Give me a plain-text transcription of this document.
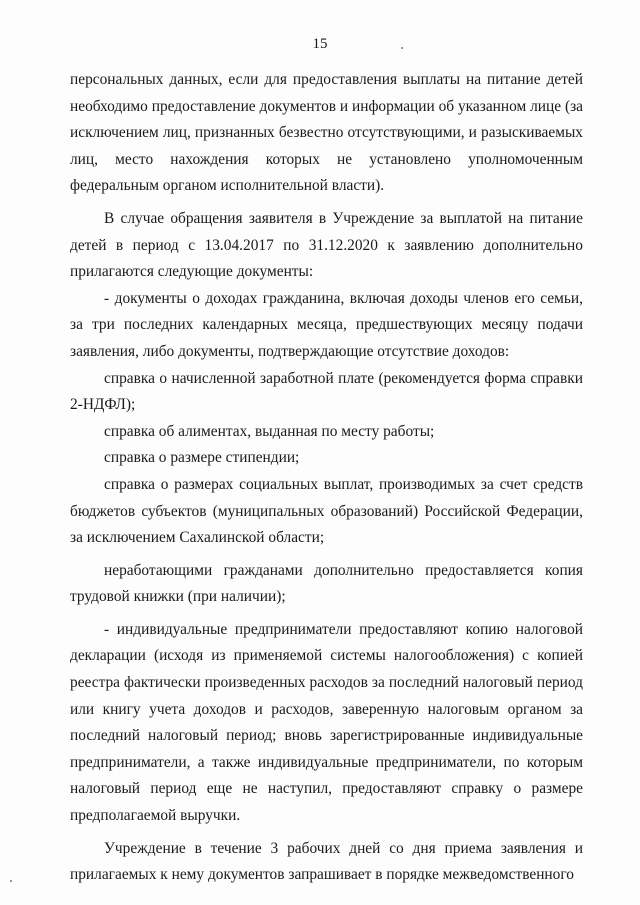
15

персональных данных, если для предоставления выплаты на питание детей необходимо предоставление документов и информации об указанном лице (за исключением лиц, признанных безвестно отсутствующими, и разыскиваемых лиц, место нахождения которых не установлено уполномоченным федеральным органом исполнительной власти).

В случае обращения заявителя в Учреждение за выплатой на питание детей в период с 13.04.2017 по 31.12.2020 к заявлению дополнительно прилагаются следующие документы:

- документы о доходах гражданина, включая доходы членов его семьи, за три последних календарных месяца, предшествующих месяцу подачи заявления, либо документы, подтверждающие отсутствие доходов:

справка о начисленной заработной плате (рекомендуется форма справки 2-НДФЛ);

справка об алиментах, выданная по месту работы;

справка о размере стипендии;

справка о размерах социальных выплат, производимых за счет средств бюджетов субъектов (муниципальных образований) Российской Федерации, за исключением Сахалинской области;

неработающими гражданами дополнительно предоставляется копия трудовой книжки (при наличии);

- индивидуальные предприниматели предоставляют копию налоговой декларации (исходя из применяемой системы налогообложения) с копией реестра фактически произведенных расходов за последний налоговый период или книгу учета доходов и расходов, заверенную налоговым органом за последний налоговый период; вновь зарегистрированные индивидуальные предприниматели, а также индивидуальные предприниматели, по которым налоговый период еще не наступил, предоставляют справку о размере предполагаемой выручки.

Учреждение в течение 3 рабочих дней со дня приема заявления и прилагаемых к нему документов запрашивает в порядке межведомственного
